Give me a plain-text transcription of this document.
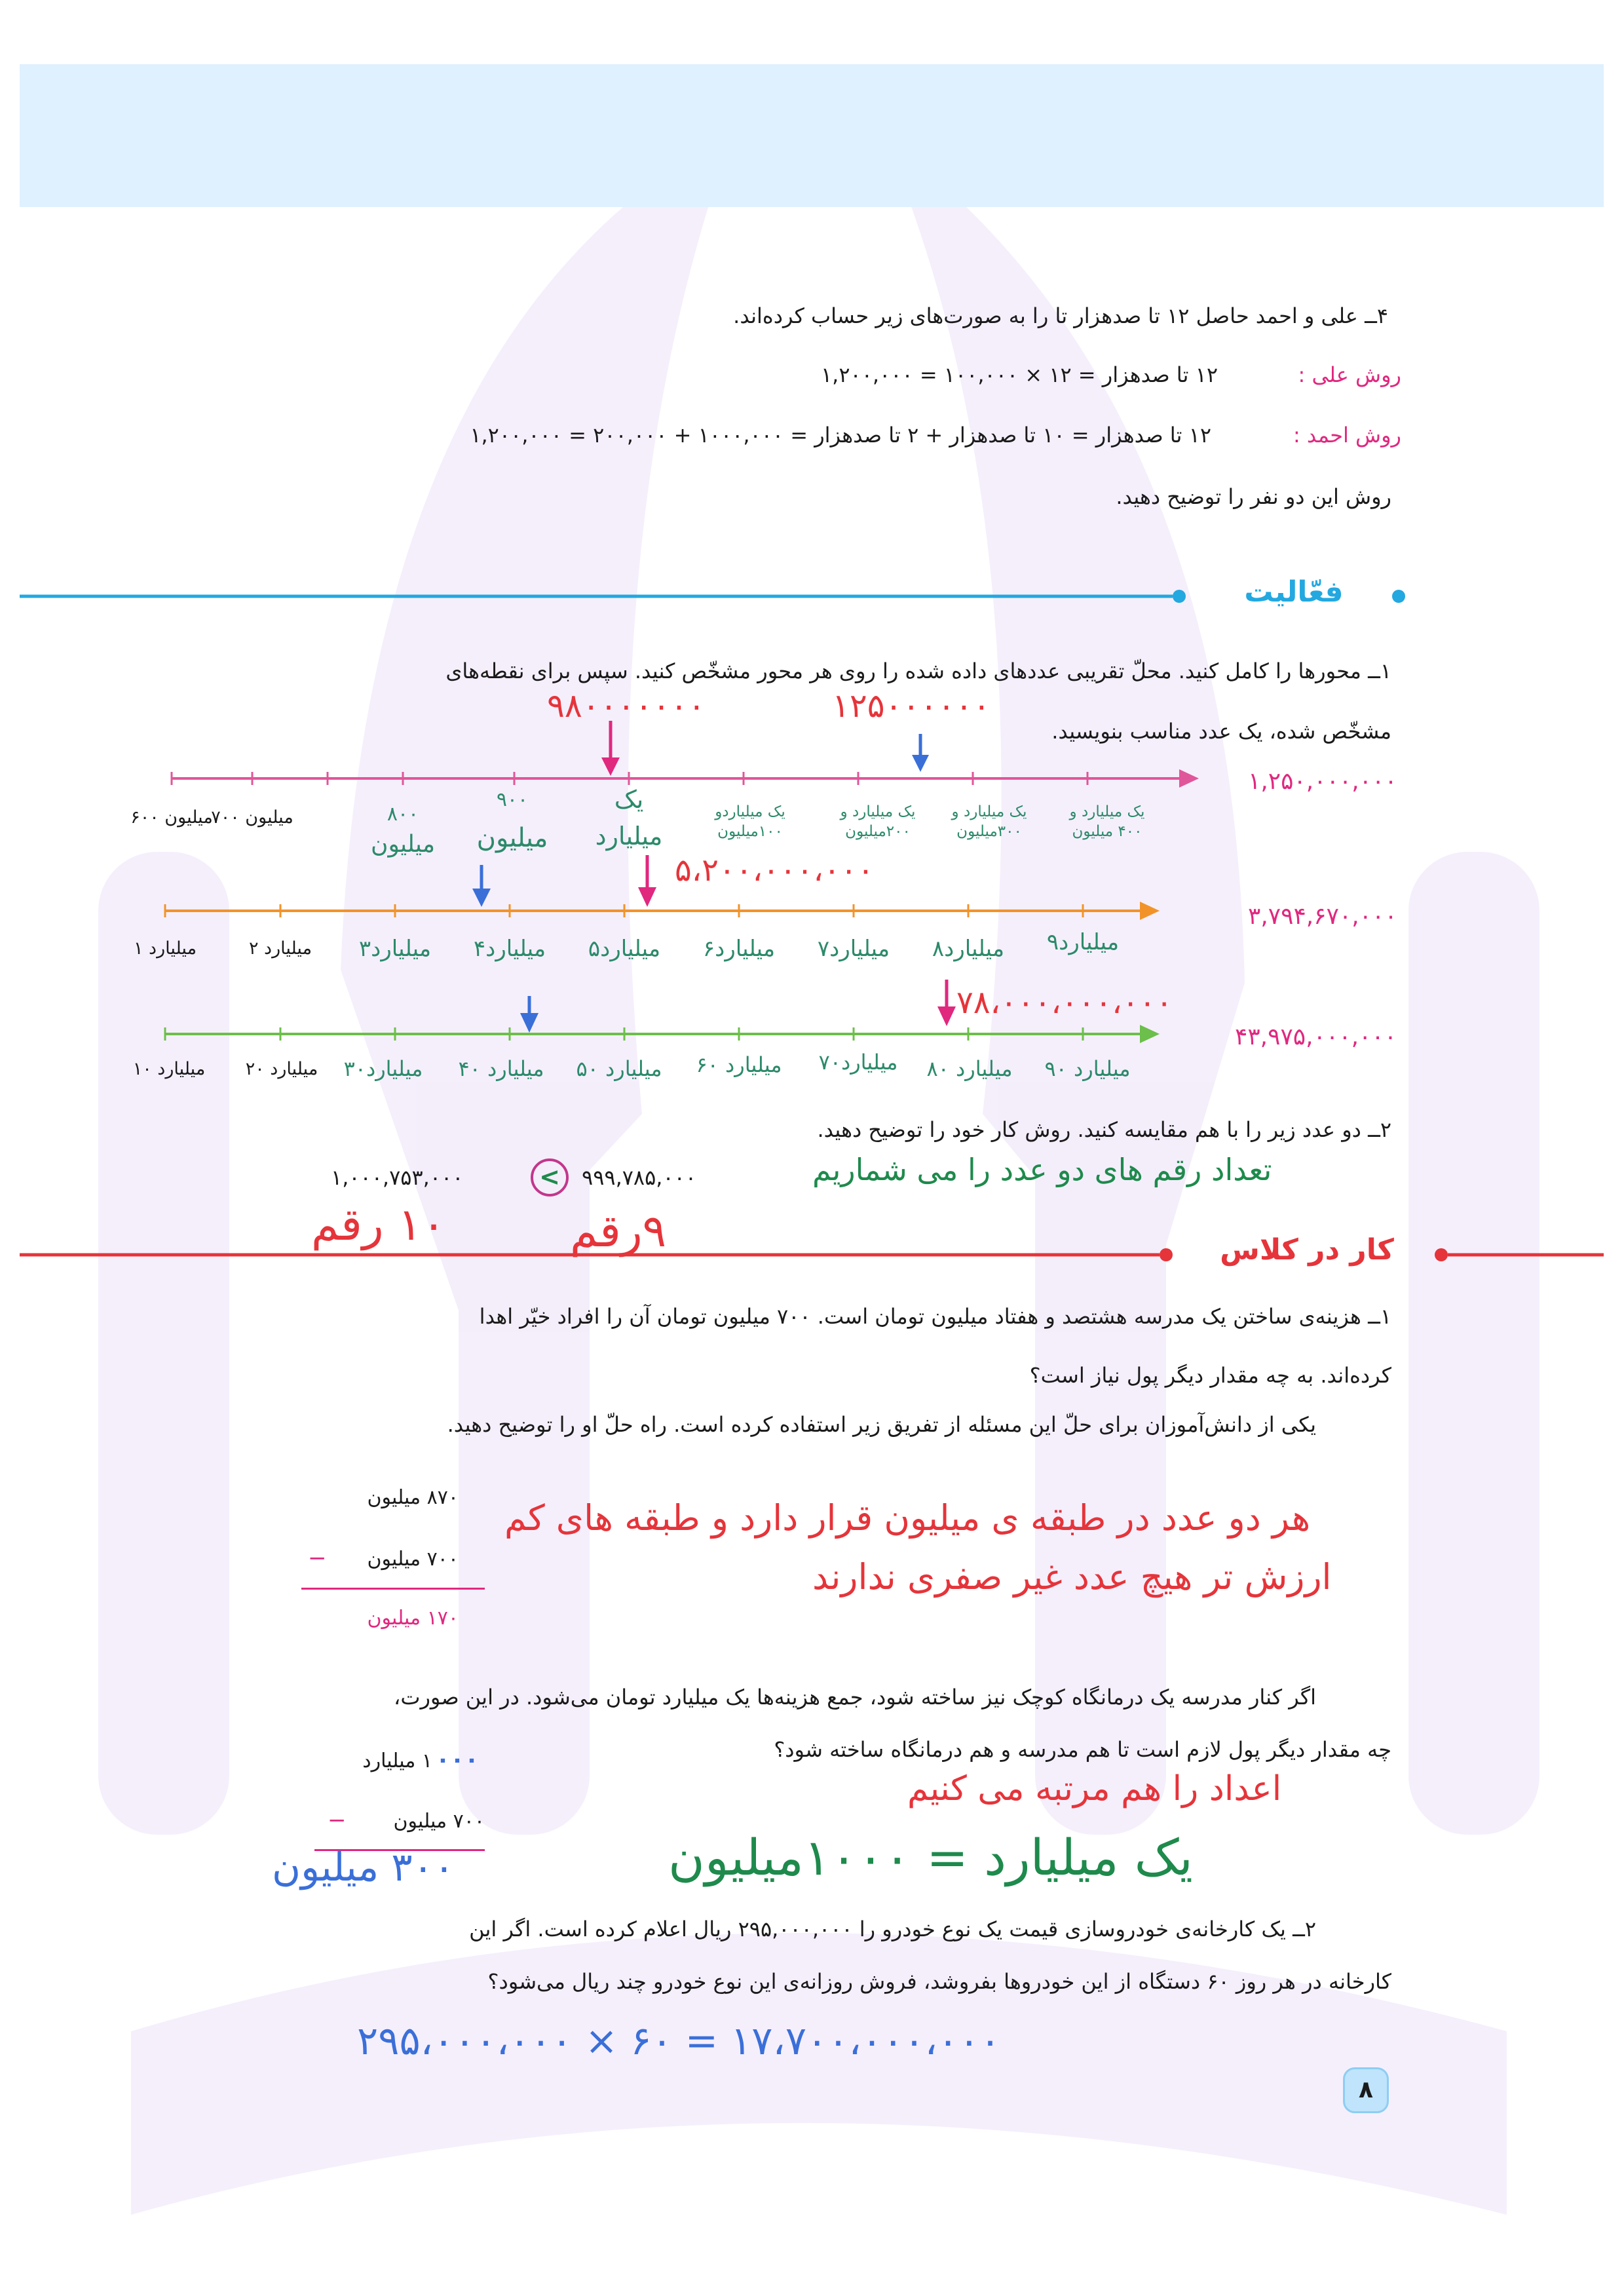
۴ــ علی و احمد حاصل ۱۲ تا صدهزار تا را به صورت‌های زیر حساب کرده‌اند.
روش علی :
۱۲ تا صدهزار = ۱۲ × ۱۰۰,۰۰۰ = ۱,۲۰۰,۰۰۰
روش احمد :
۱۲ تا صدهزار = ۱۰ تا صدهزار + ۲ تا صدهزار = ۱۰۰۰,۰۰۰ + ۲۰۰,۰۰۰ = ۱,۲۰۰,۰۰۰
روش این دو نفر را توضیح دهید.
فعّالیت
۱ــ محورها را کامل کنید. محلّ تقریبی عددهای داده شده را روی هر محور مشخّص کنید. سپس برای نقطه‌های
مشخّص شده، یک عدد مناسب بنویسید.
۹۸۰۰۰۰۰۰۰	۱۲۵۰۰۰۰۰۰
۱,۲۵۰,۰۰۰,۰۰۰
۶۰۰ میلیون
۷۰۰ میلیون	۸۰۰
میلیون
۹۰۰
میلیون
یک
میلیارد
یک میلیاردو ۱۰۰میلیون
یک میلیارد و ۲۰۰میلیون
یک میلیارد و ۳۰۰میلیون
یک میلیارد و ۴۰۰ میلیون
۵،۲۰۰،۰۰۰،۰۰۰
۳,۷۹۴,۶۷۰,۰۰۰
۱ میلیارد	۲ میلیارد ۳میلیارد ۴میلیارد ۵میلیارد ۶میلیارد ۷میلیارد ۸میلیارد ۹میلیارد
۷۸،۰۰۰،۰۰۰،۰۰۰
۴۳,۹۷۵,۰۰۰,۰۰۰
۱۰ میلیارد ۲۰ میلیارد ۳۰میلیارد ۴۰ میلیارد ۵۰ میلیارد ۶۰ میلیارد ۷۰میلیارد ۸۰ میلیارد ۹۰ میلیارد
۲ــ دو عدد زیر را با هم مقایسه کنید. روش کار خود را توضیح دهید.
۱,۰۰۰,۷۵۳,۰۰۰	<	۹۹۹,۷۸۵,۰۰۰	تعداد رقم های دو عدد را می شماریم
۹رقم
۱۰ رقم	کار در کلاس
۱ــ هزینه‌ی ساختن یک مدرسه هشتصد و هفتاد میلیون تومان است. ۷۰۰ میلیون تومان آن را افراد خیّر اهدا
کرده‌اند. به چه مقدار دیگر پول نیاز است؟
یکی از دانش‌آموزان برای حلّ این مسئله از تفریق زیر استفاده کرده است. راه حلّ او را توضیح دهید.
۸۷۰ میلیون
−	۷۰۰ میلیون
۱۷۰ میلیون
هر دو عدد در طبقه ی میلیون قرار دارد و طبقه های کم
ارزش تر هیچ عدد غیر صفری ندارند
اگر کنار مدرسه یک درمانگاه کوچک نیز ساخته شود، جمع هزینه‌ها یک میلیارد تومان می‌شود. در این صورت،
چه مقدار دیگر پول لازم است تا هم مدرسه و هم درمانگاه ساخته شود؟
۰۰۰
۱ میلیارد
−	۷۰۰ میلیون
۳۰۰ میلیون
اعداد را هم مرتبه می کنیم
یک میلیارد = ۱۰۰۰میلیون
۲ــ یک کارخانه‌ی خودروسازی قیمت یک نوع خودرو را ۲۹۵,۰۰۰,۰۰۰ ریال اعلام کرده است. اگر این
کارخانه در هر روز ۶۰ دستگاه از این خودروها بفروشد، فروش روزانه‌ی این نوع خودرو چند ریال می‌شود؟
۲۹۵،۰۰۰،۰۰۰ × ۶۰ = ۱۷،۷۰۰،۰۰۰،۰۰۰
۸
